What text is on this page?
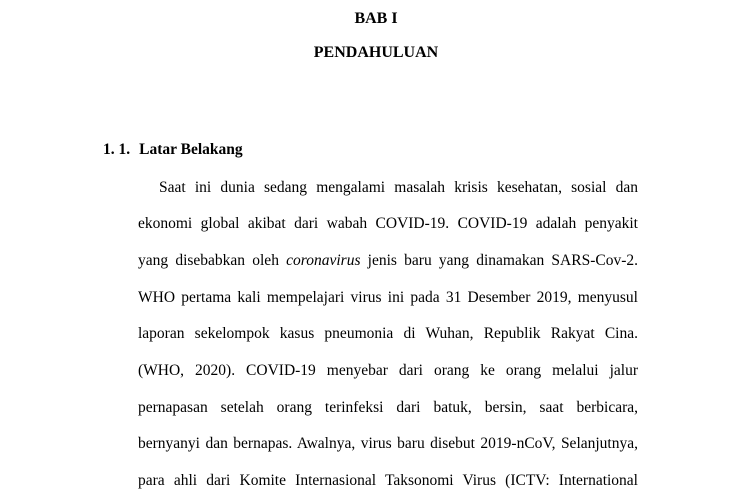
BAB I
PENDAHULUAN
1. 1. Latar Belakang
Saat ini dunia sedang mengalami masalah krisis kesehatan, sosial dan
ekonomi global akibat dari wabah COVID-19. COVID-19 adalah penyakit
yang disebabkan oleh coronavirus jenis baru yang dinamakan SARS-Cov-2.
WHO pertama kali mempelajari virus ini pada 31 Desember 2019, menyusul
laporan sekelompok kasus pneumonia di Wuhan, Republik Rakyat Cina.
(WHO, 2020). COVID-19 menyebar dari orang ke orang melalui jalur
pernapasan setelah orang terinfeksi dari batuk, bersin, saat berbicara,
bernyanyi dan bernapas. Awalnya, virus baru disebut 2019-nCoV, Selanjutnya,
para ahli dari Komite Internasional Taksonomi Virus (ICTV: International
